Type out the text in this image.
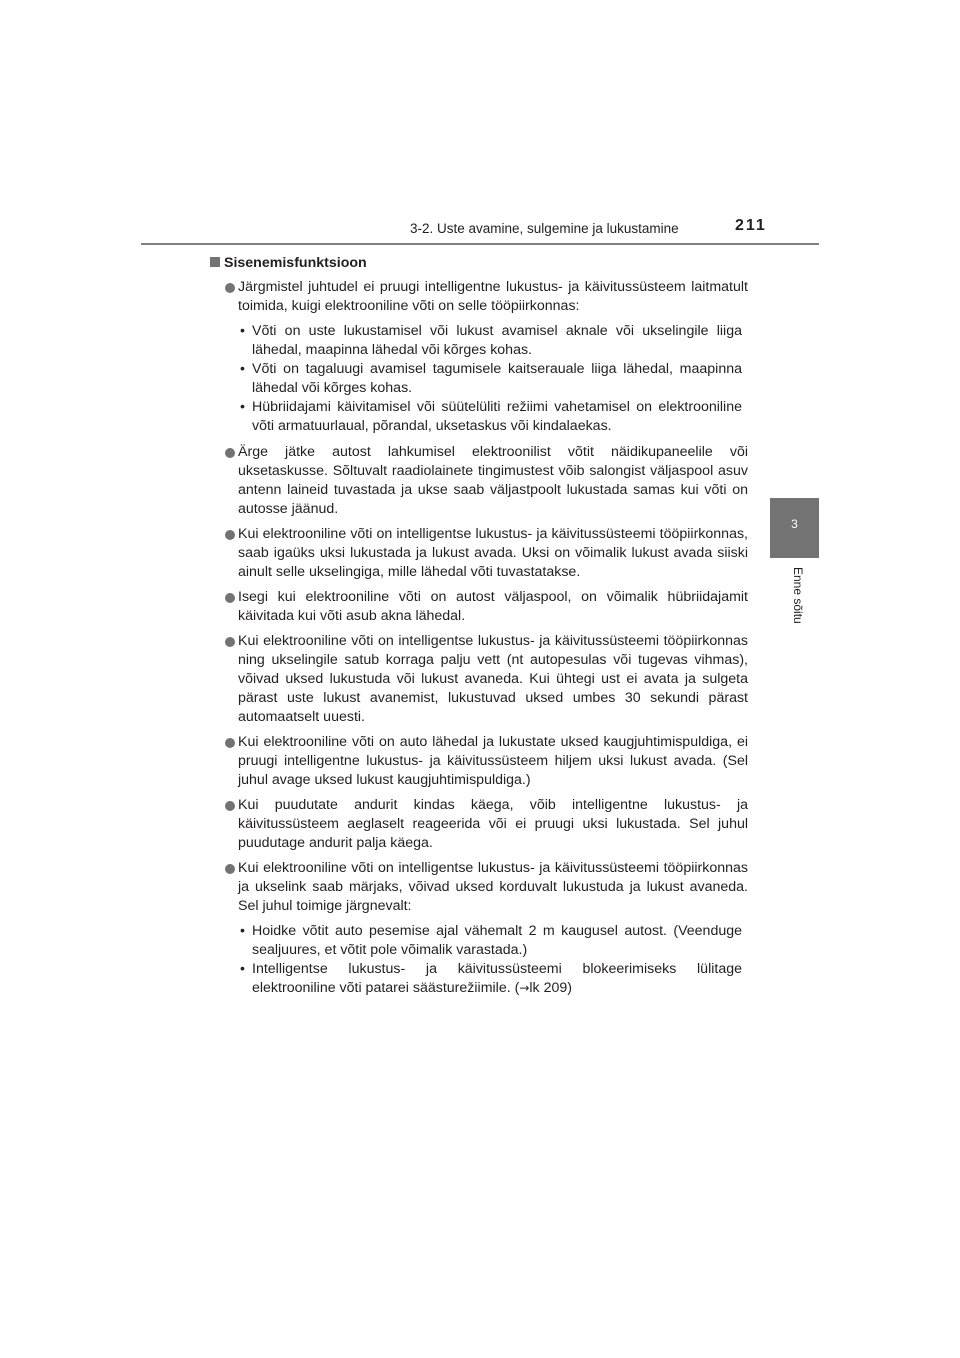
3-2. Uste avamine, sulgemine ja lukustamine	211
3
Enne sõitu
Sisenemisfunktsioon
Järgmistel juhtudel ei pruugi intelligentne lukustus- ja käivitussüsteem laitmatult toimida, kuigi elektrooniline võti on selle tööpiirkonnas:
• Võti on uste lukustamisel või lukust avamisel aknale või ukselingile liiga lähedal, maapinna lähedal või kõrges kohas.
• Võti on tagaluugi avamisel tagumisele kaitserauale liiga lähedal, maapinna lähedal või kõrges kohas.
• Hübriidajami käivitamisel või süütelüliti režiimi vahetamisel on elektrooniline võti armatuurlaual, põrandal, uksetaskus või kindalaekas.
Ärge jätke autost lahkumisel elektroonilist võtit näidikupaneelile või uksetaskusse. Sõltuvalt raadiolainete tingimustest võib salongist väljaspool asuv antenn laineid tuvastada ja ukse saab väljastpoolt lukustada samas kui võti on autosse jäänud.
Kui elektrooniline võti on intelligentse lukustus- ja käivitussüsteemi tööpiirkonnas, saab igaüks uksi lukustada ja lukust avada. Uksi on võimalik lukust avada siiski ainult selle ukselingiga, mille lähedal võti tuvastatakse.
Isegi kui elektrooniline võti on autost väljaspool, on võimalik hübriidajamit käivitada kui võti asub akna lähedal.
Kui elektrooniline võti on intelligentse lukustus- ja käivitussüsteemi tööpiirkonnas ning ukselingile satub korraga palju vett (nt autopesulas või tugevas vihmas), võivad uksed lukustuda või lukust avaneda. Kui ühtegi ust ei avata ja sulgeta pärast uste lukust avanemist, lukustuvad uksed umbes 30 sekundi pärast automaatselt uuesti.
Kui elektrooniline võti on auto lähedal ja lukustate uksed kaugjuhtimispuldiga, ei pruugi intelligentne lukustus- ja käivitussüsteem hiljem uksi lukust avada. (Sel juhul avage uksed lukust kaugjuhtimispuldiga.)
Kui puudutate andurit kindas käega, võib intelligentne lukustus- ja käivitussüsteem aeglaselt reageerida või ei pruugi uksi lukustada. Sel juhul puudutage andurit palja käega.
Kui elektrooniline võti on intelligentse lukustus- ja käivitussüsteemi tööpiirkonnas ja ukselink saab märjaks, võivad uksed korduvalt lukustuda ja lukust avaneda. Sel juhul toimige järgnevalt:
• Hoidke võtit auto pesemise ajal vähemalt 2 m kaugusel autost. (Veenduge sealjuures, et võtit pole võimalik varastada.)
• Intelligentse lukustus- ja käivitussüsteemi blokeerimiseks lülitage elektrooniline võti patarei säästurežiimile. (→lk 209)
